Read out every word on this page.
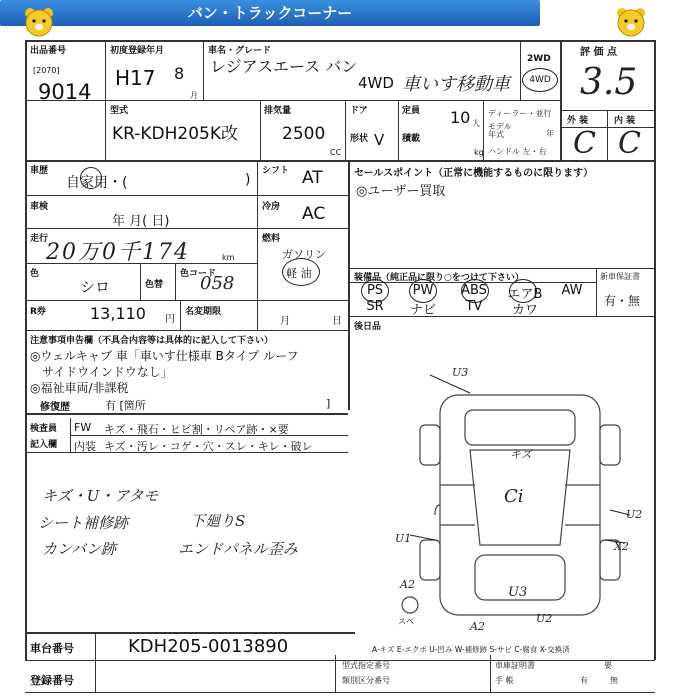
バン・トラックコーナー
出品番号
[2070]
9014
初度登録年月
H17 8
月
車名・グレード
レジアスエース バン
4WD 車いす移動車
2WD
4WD
評 価 点
3.5
外 装	内 装
C C
型式
KR-KDH205K改
排気量
2500
CC
ドア
形状 V
定員 10 人
積載
kg
ディーラー・並行
モデル 年式	年
ハンドル 左・右
車歴
自家用・(	)
シフト AT
車検
年 月( 日)
冷房 AC
走行
20万0千174	km
燃料
ガソリン
軽 油
色
シロ	色替
色コード
058
R券	13,110 円
名変期限
月	日
セールスポイント（正常に機能するものに限ります）
◎ユーザー買取
装備品（純正品に限り○をつけて下さい）	新車保証書
有・無
PS	PW	ABS	エアB	AW
SR	ナビ	TV	カワ
後日品
注意事項申告欄（不具合内容等は具体的に記入して下さい）
◎ウェルキャブ 車「車いす仕様車 Bタイプ ルーフ
サイドウインドウなし」
◎福祉車両/非課税
修復歴	有 [箇所	]
検査員
記入欄
FW キズ・飛石・ヒビ割・リペア跡・×要
内装 キズ・汚レ・コゲ・穴・スレ・キレ・破レ
キズ・U・アタモ
シート補修跡
カンバン跡
下廻りS
エンドパネル歪み
U3
キズ
Ci
U2
U1
X2
A2
U3
A2
U2
スペ
A-キズ E-エクボ U-凹み W-補修跡 S-サビ C-腐食 X-交換済
車台番号	KDH205-0013890
登録番号
型式指定番号
類別区分番号
車庫証明書
手 帳
要
有	無
